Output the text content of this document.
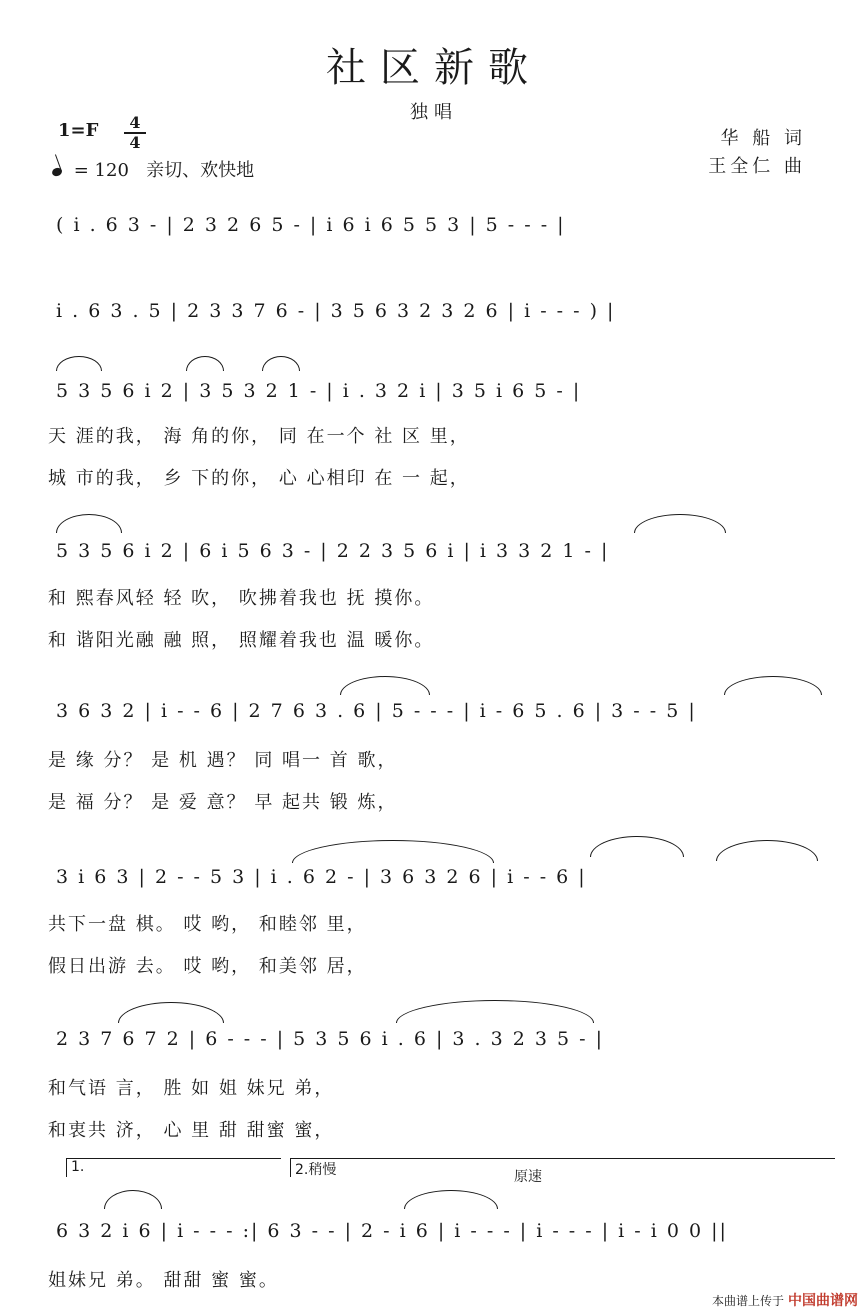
社区新歌
独唱
1=F	4
4
= 120 亲切、欢快地
华 船 词
王全仁 曲
( i . 6 3 - | 2 3 2 6 5 - | i 6 i 6 5 5 3 | 5 - - - |
i . 6 3 . 5 | 2 3 3 7 6 - | 3 5 6 3 2 3 2 6 | i - - - ) |
5 3 5 6 i 2 | 3 5 3 2 1 - | i . 3 2 i | 3 5 i 6 5 - |
天 涯的我， 海 角的你， 同 在一个 社 区 里，
城 市的我， 乡 下的你， 心 心相印 在 一 起，
5 3 5 6 i 2 | 6 i 5 6 3 - | 2 2 3 5 6 i | i 3 3 2 1 - |
和 熙春风轻 轻 吹， 吹拂着我也 抚 摸你。
和 谐阳光融 融 照， 照耀着我也 温 暖你。
3 6 3 2 | i - - 6 | 2 7 6 3 . 6 | 5 - - - | i - 6 5 . 6 | 3 - - 5 |
是 缘 分？ 是 机 遇？ 同 唱一 首 歌，
是 福 分？ 是 爱 意？ 早 起共 锻 炼，
3 i 6 3 | 2 - - 5 3 | i . 6 2 - | 3 6 3 2 6 | i - - 6 |
共下一盘 棋。 哎 哟， 和睦邻 里，
假日出游 去。 哎 哟， 和美邻 居，
2 3 7 6 7 2 | 6 - - - | 5 3 5 6 i . 6 | 3 . 3 2 3 5 - |
和气语 言， 胜 如 姐 妹兄 弟，
和衷共 济， 心 里 甜 甜蜜 蜜，
1.	2.稍慢	原速
6 3 2 i 6 | i - - - :| 6 3 - - | 2 - i 6 | i - - - | i - - - | i - i 0 0 ||
姐妹兄 弟。 甜甜 蜜 蜜。
本曲谱上传于 中国曲谱网
